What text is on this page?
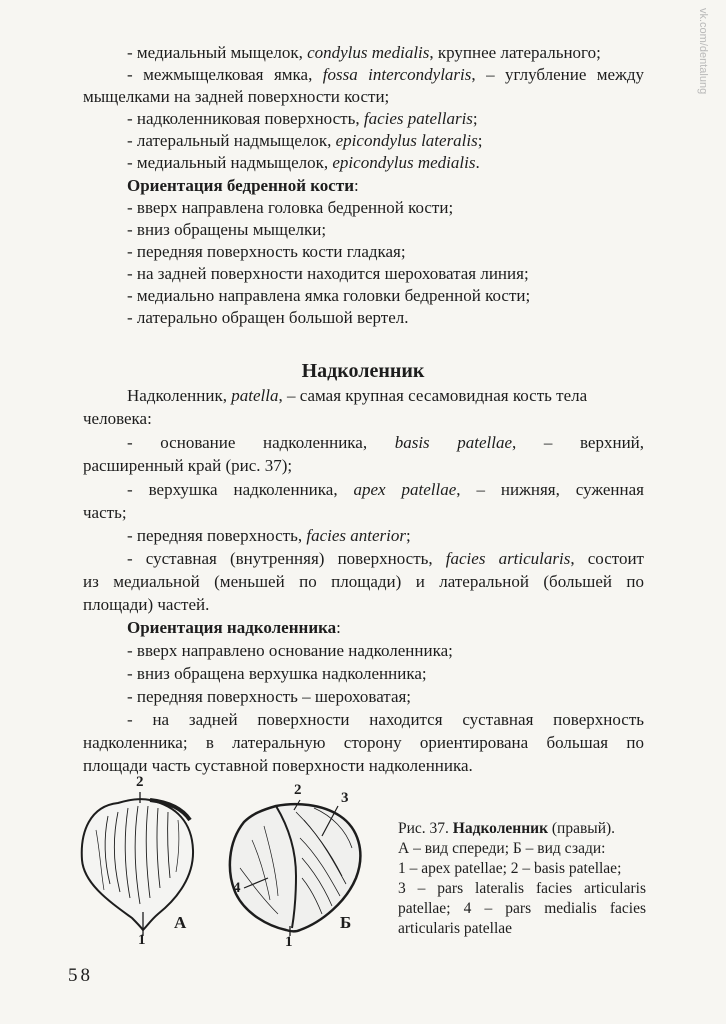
vk.com/dentalung

- медиальный мыщелок, condylus medialis, крупнее латерального;

- межмыщелковая ямка, fossa intercondylaris, – углубление между

мыщелками на задней поверхности кости;

- надколенниковая поверхность, facies patellaris;

- латеральный надмыщелок, epicondylus lateralis;

- медиальный надмыщелок, epicondylus medialis.

Ориентация бедренной кости:

- вверх направлена головка бедренной кости;

- вниз обращены мыщелки;

- передняя поверхность кости гладкая;

- на задней поверхности находится шероховатая линия;

- медиально направлена ямка головки бедренной кости;

- латерально обращен большой вертел.

Надколенник

Надколенник, patella, – самая крупная сесамовидная кость тела

человека:

- основание надколенника, basis patellae, – верхний,

расширенный край (рис. 37);

- верхушка надколенника, apex patellae, – нижняя, суженная

часть;

- передняя поверхность, facies anterior;

- суставная (внутренняя) поверхность, facies articularis, состоит

из медиальной (меньшей по площади) и латеральной (большей по

площади) частей.

Ориентация надколенника:

- вверх направлено основание надколенника;

- вниз обращена верхушка надколенника;

- передняя поверхность – шероховатая;

- на задней поверхности находится суставная поверхность

надколенника; в латеральную сторону ориентирована большая по

площади часть суставной поверхности надколенника.

2
1
А
2	3
4
1
Б
Рис. 37. Надколенник (правый).
А – вид спереди; Б – вид сзади:
1 – apex patellae; 2 – basis patellae;
3 – pars lateralis facies articularis
patellae; 4 – pars medialis facies
articularis patellae
58
